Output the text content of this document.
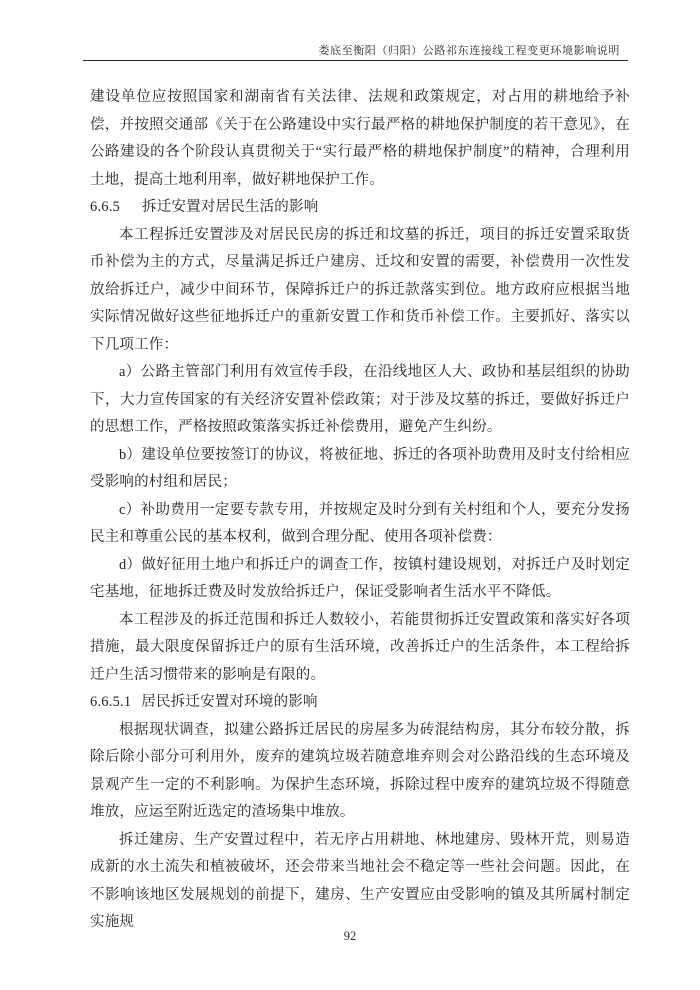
娄底至衡阳（归阳）公路祁东连接线工程变更环境影响说明

建设单位应按照国家和湖南省有关法律、法规和政策规定，对占用的耕地给予补偿，并按照交通部《关于在公路建设中实行最严格的耕地保护制度的若干意见》，在公路建设的各个阶段认真贯彻关于“实行最严格的耕地保护制度”的精神，合理利用土地，提高土地利用率，做好耕地保护工作。

6.6.5 拆迁安置对居民生活的影响

本工程拆迁安置涉及对居民民房的拆迁和坟墓的拆迁，项目的拆迁安置采取货币补偿为主的方式，尽量满足拆迁户建房、迁坟和安置的需要，补偿费用一次性发放给拆迁户，减少中间环节，保障拆迁户的拆迁款落实到位。地方政府应根据当地实际情况做好这些征地拆迁户的重新安置工作和货币补偿工作。主要抓好、落实以下几项工作：

a）公路主管部门利用有效宣传手段，在沿线地区人大、政协和基层组织的协助下，大力宣传国家的有关经济安置补偿政策；对于涉及坟墓的拆迁，要做好拆迁户的思想工作，严格按照政策落实拆迁补偿费用，避免产生纠纷。

b）建设单位要按签订的协议，将被征地、拆迁的各项补助费用及时支付给相应受影响的村组和居民；

c）补助费用一定要专款专用，并按规定及时分到有关村组和个人，要充分发扬民主和尊重公民的基本权利，做到合理分配、使用各项补偿费：

d）做好征用土地户和拆迁户的调查工作，按镇村建设规划，对拆迁户及时划定宅基地，征地拆迁费及时发放给拆迁户，保证受影响者生活水平不降低。

本工程涉及的拆迁范围和拆迁人数较小，若能贯彻拆迁安置政策和落实好各项措施，最大限度保留拆迁户的原有生活环境，改善拆迁户的生活条件，本工程给拆迁户生活习惯带来的影响是有限的。

6.6.5.1 居民拆迁安置对环境的影响

根据现状调查，拟建公路拆迁居民的房屋多为砖混结构房，其分布较分散，拆除后除小部分可利用外，废弃的建筑垃圾若随意堆弃则会对公路沿线的生态环境及景观产生一定的不利影响。为保护生态环境，拆除过程中废弃的建筑垃圾不得随意堆放，应运至附近选定的渣场集中堆放。

拆迁建房、生产安置过程中，若无序占用耕地、林地建房、毁林开荒，则易造成新的水土流失和植被破坏，还会带来当地社会不稳定等一些社会问题。因此，在不影响该地区发展规划的前提下，建房、生产安置应由受影响的镇及其所属村制定实施规

92
